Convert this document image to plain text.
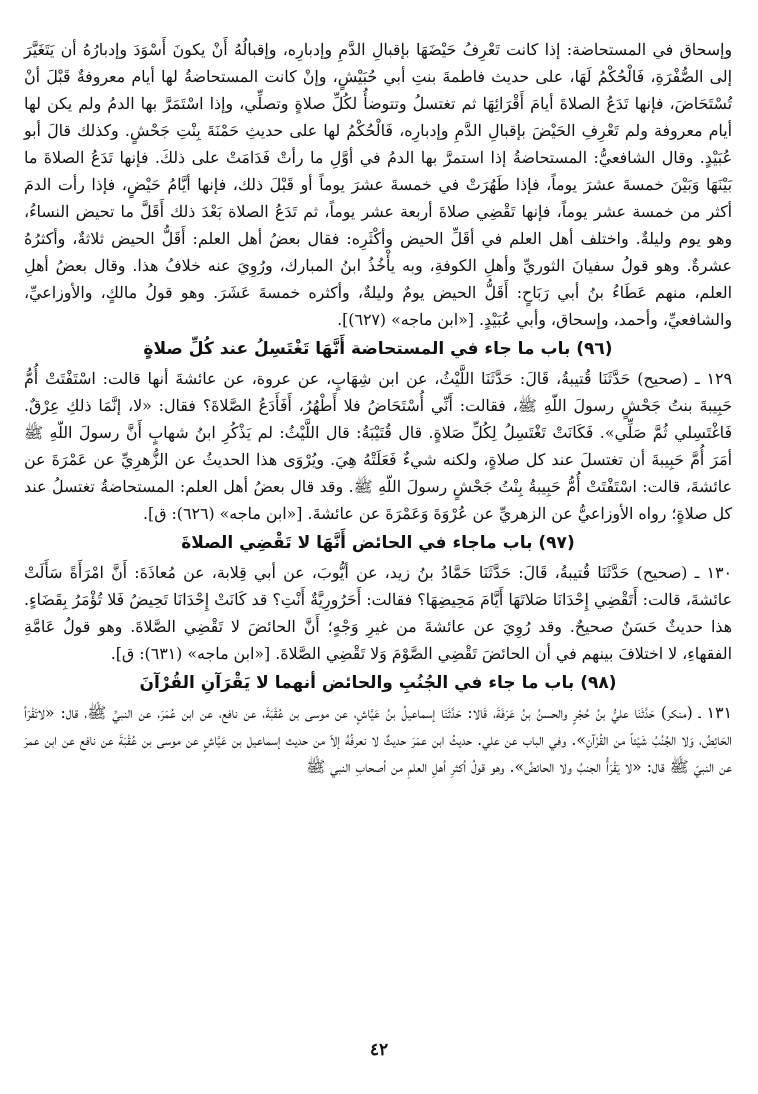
وإسحاق في المستحاضة: إذا كانت تَعْرِفُ حَيْضَهَا بإقبالِ الدَّمِ وإدبارِه، وإقبالُهُ أَنْ يكونَ أَسْوَدَ وإدبارُهُ أن يَتَغَيَّرَ إلى الصُّفْرَةِ، فَالْحُكْمُ لَهَا، على حديث فاطمةَ بنتِ أبي حُبَيْشٍ، وإنْ كانت المستحاضةُ لها أيام معروفةٌ قَبْلَ أنْ تُسْتَحَاضَ، فإنها تَدَعُ الصلاةَ أيامَ أَقْرَائِهَا ثم تغتسلُ وتتوضأُ لكُلِّ صلاةٍ وتصلِّي، وإذا اسْتَمَرَّ بها الدمُ ولم يكن لها أيام معروفة ولم تَعْرِفِ الحَيْضَ بإقبالِ الدَّمِ وإدبارِه، فَالْحُكْمُ لها على حديثِ حَمْنَةَ بِنْتِ جَحْشٍ. وكذلك قالَ أبو عُبَيْدٍ. وقال الشافعيُّ: المستحاضةُ إذا استمرَّ بها الدمُ في أوَّلِ ما رأتْ فَدَامَتْ على ذلكَ. فإنها تَدَعُ الصلاةَ ما بَيْنَهَا وَبَيْنَ خمسةَ عشرَ يوماً، فإذا طَهُرَتْ في خمسةَ عشرَ يوماً أو قَبْلَ ذلك، فإنها أيَّامُ حَيْضٍ، فإذا رأت الدمَ أكثر من خمسة عشر يوماً، فإنها تَقْضِي صلاةَ أربعة عشر يوماً، ثم تَدَعُ الصلاة بَعْدَ ذلك أَقَلَّ ما تحيض النساءُ، وهو يوم وليلةٌ. واختلف أهل العلم في أقَلِّ الحيض وأكْثَرِه: فقال بعضُ أهل العلم: أَقَلُّ الحيض ثلاثةٌ، وأكثرُهُ عشرةٌ. وهو قولُ سفيانَ الثوريِّ وأهلِ الكوفةِ، وبه يأْخُذُ ابنُ المبارك، ورُوِيَ عنه خلافُ هذا. وقال بعضُ أهلِ العلم، منهم عَطَاءُ بنُ أبي رَبَاحٍ: أَقَلُّ الحيض يومٌ وليلةٌ، وأكثره خمسةَ عَشَرَ. وهو قولُ مالكٍ، والأوزاعيِّ، والشافعيِّ، وأحمد، وإسحاق، وأبي عُبَيْدٍ. [«ابن ماجه» (٦٢٧)].

(٩٦) باب ما جاء في المستحاضة أَنَّهَا تَغْتَسِلُ عند كُلِّ صلاةٍ

١٢٩ ـ (صحيح) حَدَّثَنَا قُتيبةُ، قَالَ: حَدَّثَنَا اللَّيْثُ، عن ابن شِهَابٍ، عن عروة، عن عائشةَ أنها قالت: اسْتَفْتَتْ أُمُّ حَبِيبةَ بنتُ جَحْشٍ رسولَ اللّهِ ﷺ، فقالت: أَنِّي أُسْتَحَاضُ فلا أَطْهُرُ، أَفَأَدَعُ الصَّلاةَ؟ فقال: «لا، إنَّمَا ذلكِ عِرْقٌ. فَاغْتَسِلي ثُمَّ صَلِّي». فَكَانَتْ تَغْتَسِلُ لِكُلِّ صَلاةٍ. قال قُتَيْبَةُ: قال اللَّيْثُ: لم يَذْكُرِ ابنُ شهابٍ أَنَّ رسولَ اللّهِ ﷺ أمَرَ أُمَّ حَبِيبةَ أن تغتسلَ عند كل صلاةٍ، ولكنه شيءٌ فَعَلَتْهُ هِيَ. ويُرْوَى هذا الحديثُ عن الزُّهرِيِّ عن عَمْرَةَ عن عائشةَ، قالت: اسْتَفْتَتْ أُمُّ حَبِيبةُ بِنْتُ جَحْشٍ رسولَ اللّهِ ﷺ. وقد قال بعضُ أهل العلم: المستحاضةُ تغتسلُ عند كل صلاةٍ؛ رواه الأوزاعيُّ عن الزهريِّ عن عُرْوَةَ وَعَمْرَةَ عن عائشةَ. [«ابن ماجه» (٦٢٦): ق].

(٩٧) باب ماجاء في الحائض أَنَّهَا لا تَقْضِي الصلاةَ

١٣٠ ـ (صحيح) حَدَّثَنَا قُتيبةُ، قَالَ: حَدَّثَنَا حَمَّادُ بنُ زيد، عن أيُّوبَ، عن أبي قِلابة، عن مُعاذَةَ: أَنَّ امْرَأَةً سَأَلَتْ عائشةَ، قالت: أَتَقْضِي إِحْدَانَا صَلاتَهَا أَيَّامَ مَحِيضِهَا؟ فقالت: أَحَرُورِيَّةٌ أَنْتِ؟ قد كَانَتْ إِحْدَانَا تَحِيضُ فَلا تُؤْمَرُ بِقَضَاءٍ. هذا حديثٌ حَسَنٌ صحيحٌ. وقد رُوِيَ عن عائشةَ من غيرِ وَجْهٍ؛ أَنَّ الحائضَ لا تَقْضِي الصَّلاةَ. وهو قولُ عَامَّةِ الفقهاءِ، لا اختلافَ بينهم في أن الحائضَ تَقْضِي الصَّوْمَ وَلا تَقْضِي الصَّلاةَ. [«ابن ماجه» (٦٣١): ق].

(٩٨) باب ما جاء في الجُنُبِ والحائض أنهما لا يَقْرَآنِ القُرْآنَ

١٣١ ـ (منكر) حَدَّثَنَا عليُّ بنُ حُجْرٍ والحسنُ بنُ عَرَفَةَ، قَالا: حَدَّثَنَا إسماعيلُ بنُ عَيَّاشٍ، عن موسى بن عُقْبَةَ، عن نافع، عن ابن عُمَرَ، عن النبيِّ ﷺ، قال: «لاتَقْرَأ الحَائِضُ، وَلا الجُنُبُ شَيْئاً من القُرْآنِ». وفي الباب عن علي. حديثُ ابن عمَرَ حديثٌ لا نعرفُهُ إلاّ من حديث إسماعيل بن عَيَّاشٍ عن موسى بن عُقْبَةَ عن نافع عن ابن عمرَ عن النبيّ ﷺ قال: «لا يَقْرَأُ الجنبُ ولا الحائضُ». وهو قولُ أكثرِ أهلِ العلمِ من أصحابِ النبي ﷺ

٤٢
